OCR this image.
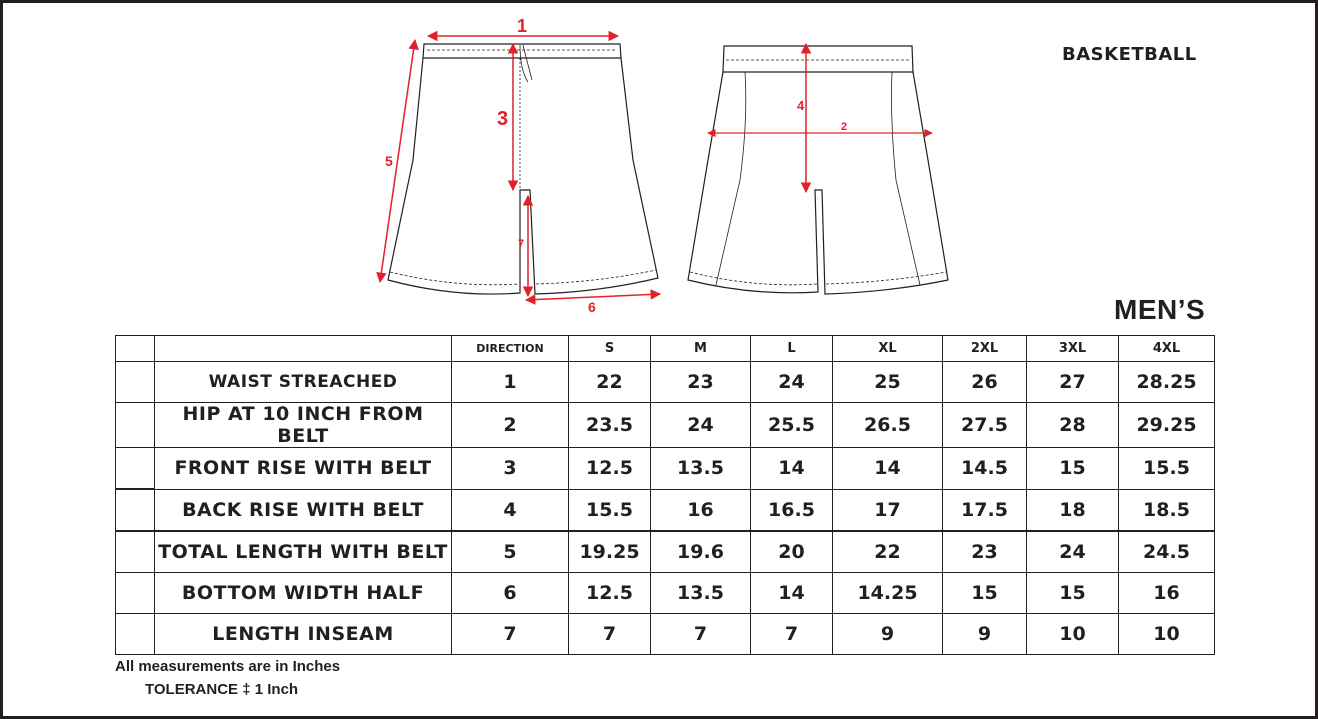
1
3
5
7
6
4
2
BASKETBALL
MEN’S
		DIRECTION	S	M	L	XL	2XL	3XL	4XL
	WAIST STREACHED	1	22	23	24	25	26	27	28.25
	HIP AT 10 INCH FROM BELT	2	23.5	24	25.5	26.5	27.5	28	29.25
	FRONT RISE WITH BELT	3	12.5	13.5	14	14	14.5	15	15.5
	BACK RISE WITH BELT	4	15.5	16	16.5	17	17.5	18	18.5
	TOTAL LENGTH WITH BELT	5	19.25	19.6	20	22	23	24	24.5
	BOTTOM WIDTH HALF	6	12.5	13.5	14	14.25	15	15	16
	LENGTH INSEAM	7	7	7	7	9	9	10	10
All measurements are in Inches
TOLERANCE ‡ 1 Inch
